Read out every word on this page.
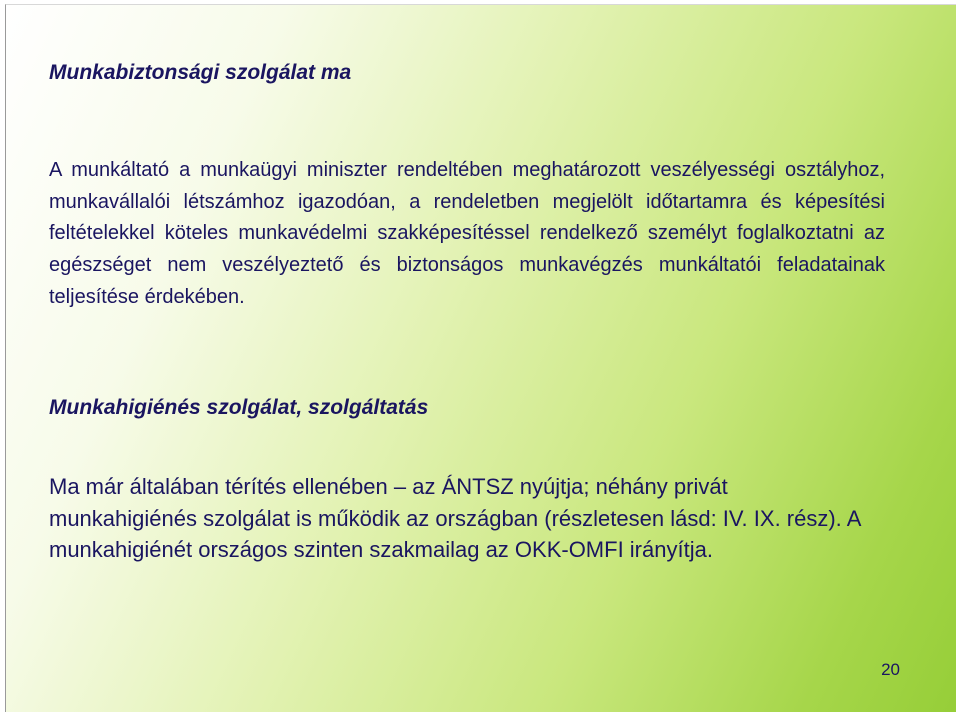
Munkabiztonsági szolgálat ma

A munkáltató a munkaügyi miniszter rendeltében meghatározott veszélyességi osztályhoz, munkavállalói létszámhoz igazodóan, a rendeletben megjelölt időtartamra és képesítési feltételekkel köteles munkavédelmi szakképesítéssel rendelkező személyt foglalkoztatni az egészséget nem veszélyeztető és biztonságos munkavégzés munkáltatói feladatainak teljesítése érdekében.

Munkahigiénés szolgálat, szolgáltatás

Ma már általában térítés ellenében – az ÁNTSZ nyújtja; néhány privát munkahigiénés szolgálat is működik az országban (részletesen lásd: IV. IX. rész). A munkahigiénét országos szinten szakmailag az OKK-OMFI irányítja.

20
